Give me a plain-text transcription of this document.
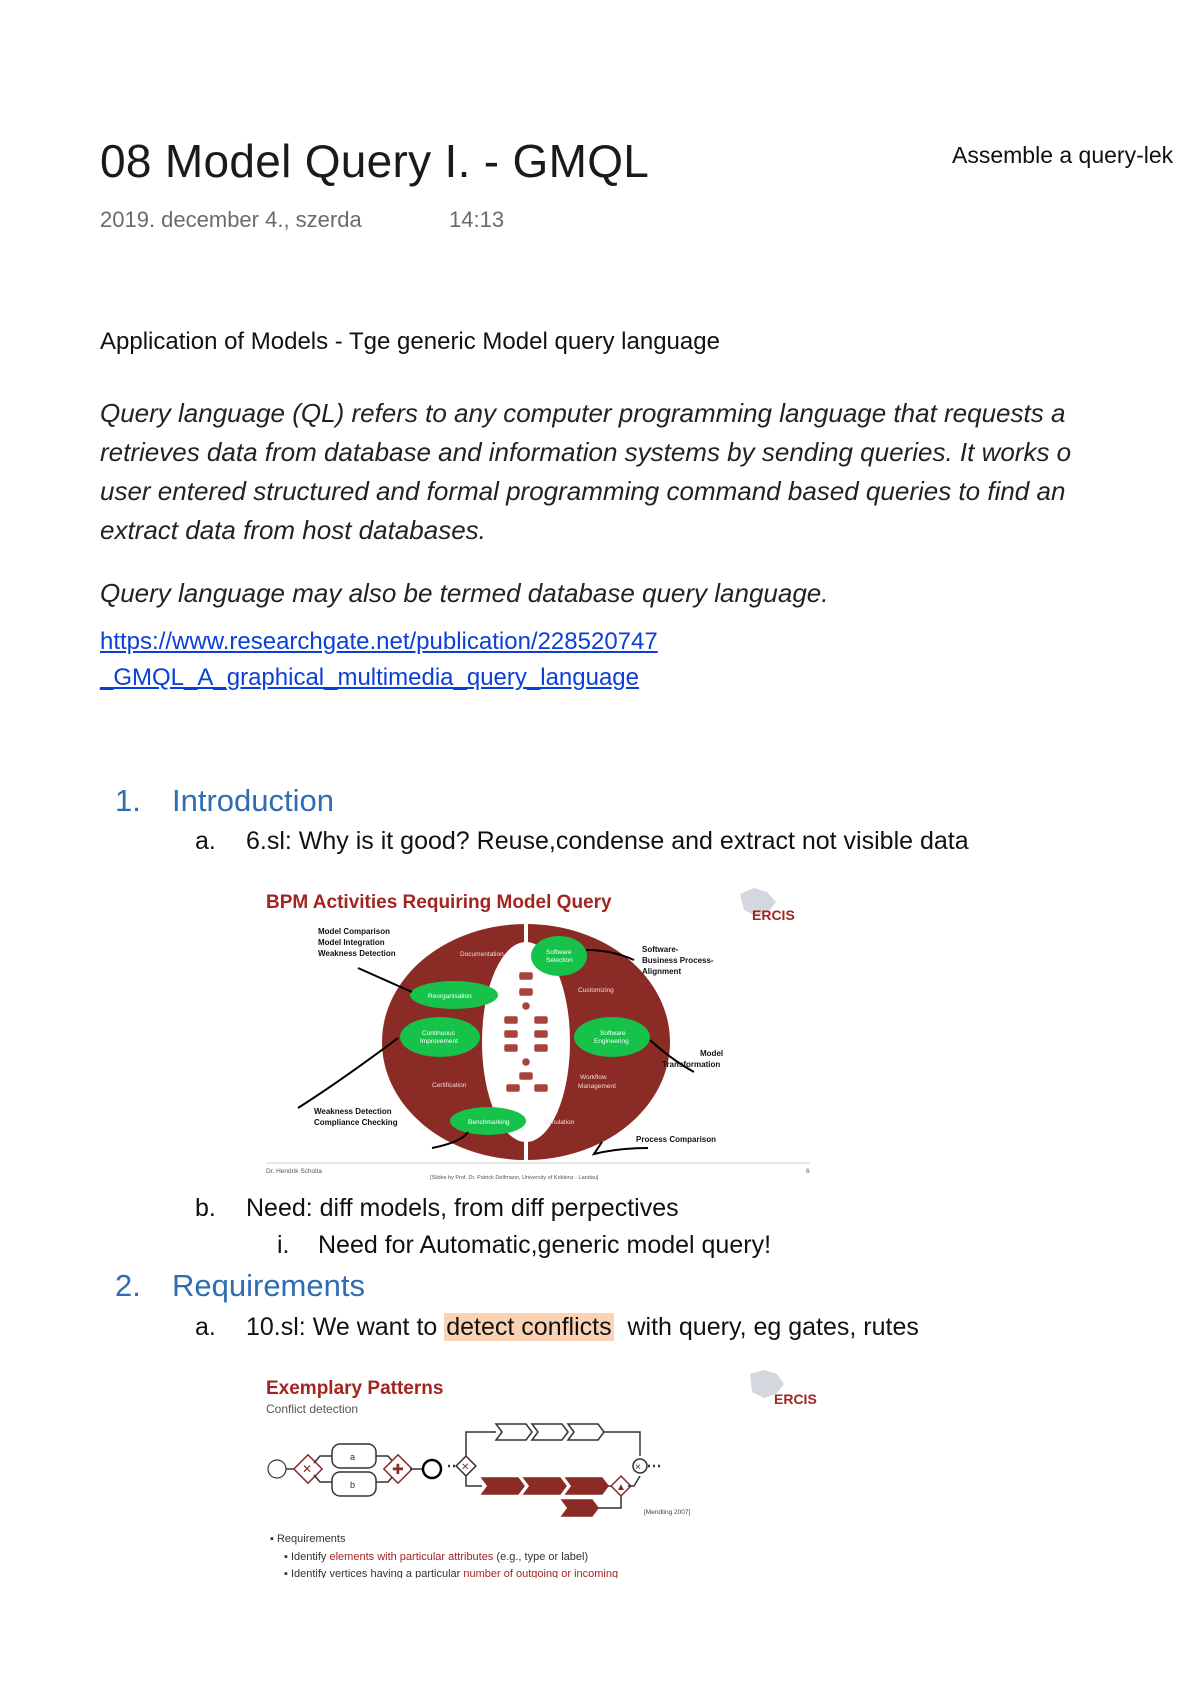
08 Model Query I. - GMQL	Assemble a query-lek
2019. december 4., szerda	14:13
Application of Models - Tge generic Model query language
Query language (QL) refers to any computer programming language that requests a
retrieves data from database and information systems by sending queries. It works o
user entered structured and formal programming command based queries to find an
extract data from host databases.
Query language may also be termed database query language.
https://www.researchgate.net/publication/228520747
_GMQL_A_graphical_multimedia_query_language
1. Introduction
a. 6.sl: Why is it good? Reuse,condense and extract not visible data
BPM Activities Requiring Model Query
ERCIS
Documentation
Customizing
Certification
Simulation
Workflow
Management
Software
Selection
Reorganisation
Continuous
Improvement
Software
Engineering
Benchmarking
Model Comparison
Model Integration
Weakness Detection
Weakness Detection
Compliance Checking
Software-
Business Process-
Alignment
Model
Transformation
Process Comparison
Dr. Hendrik Scholta
[Slides by Prof. Dr. Patrick Delfmann, University of Koblenz - Landau]
6
b. Need: diff models, from diff perpectives
i. Need for Automatic,generic model query!
2. Requirements
a. 10.sl: We want to detect conflicts  with query, eg gates, rutes
Exemplary Patterns
Conflict detection
ERCIS
a
b
✕	✚	✕
▲
×
[Mendling 2007]
▪ Requirements
▪ Identify elements with particular attributes (e.g., type or label)
▪ Identify vertices having a particular number of outgoing or incoming
